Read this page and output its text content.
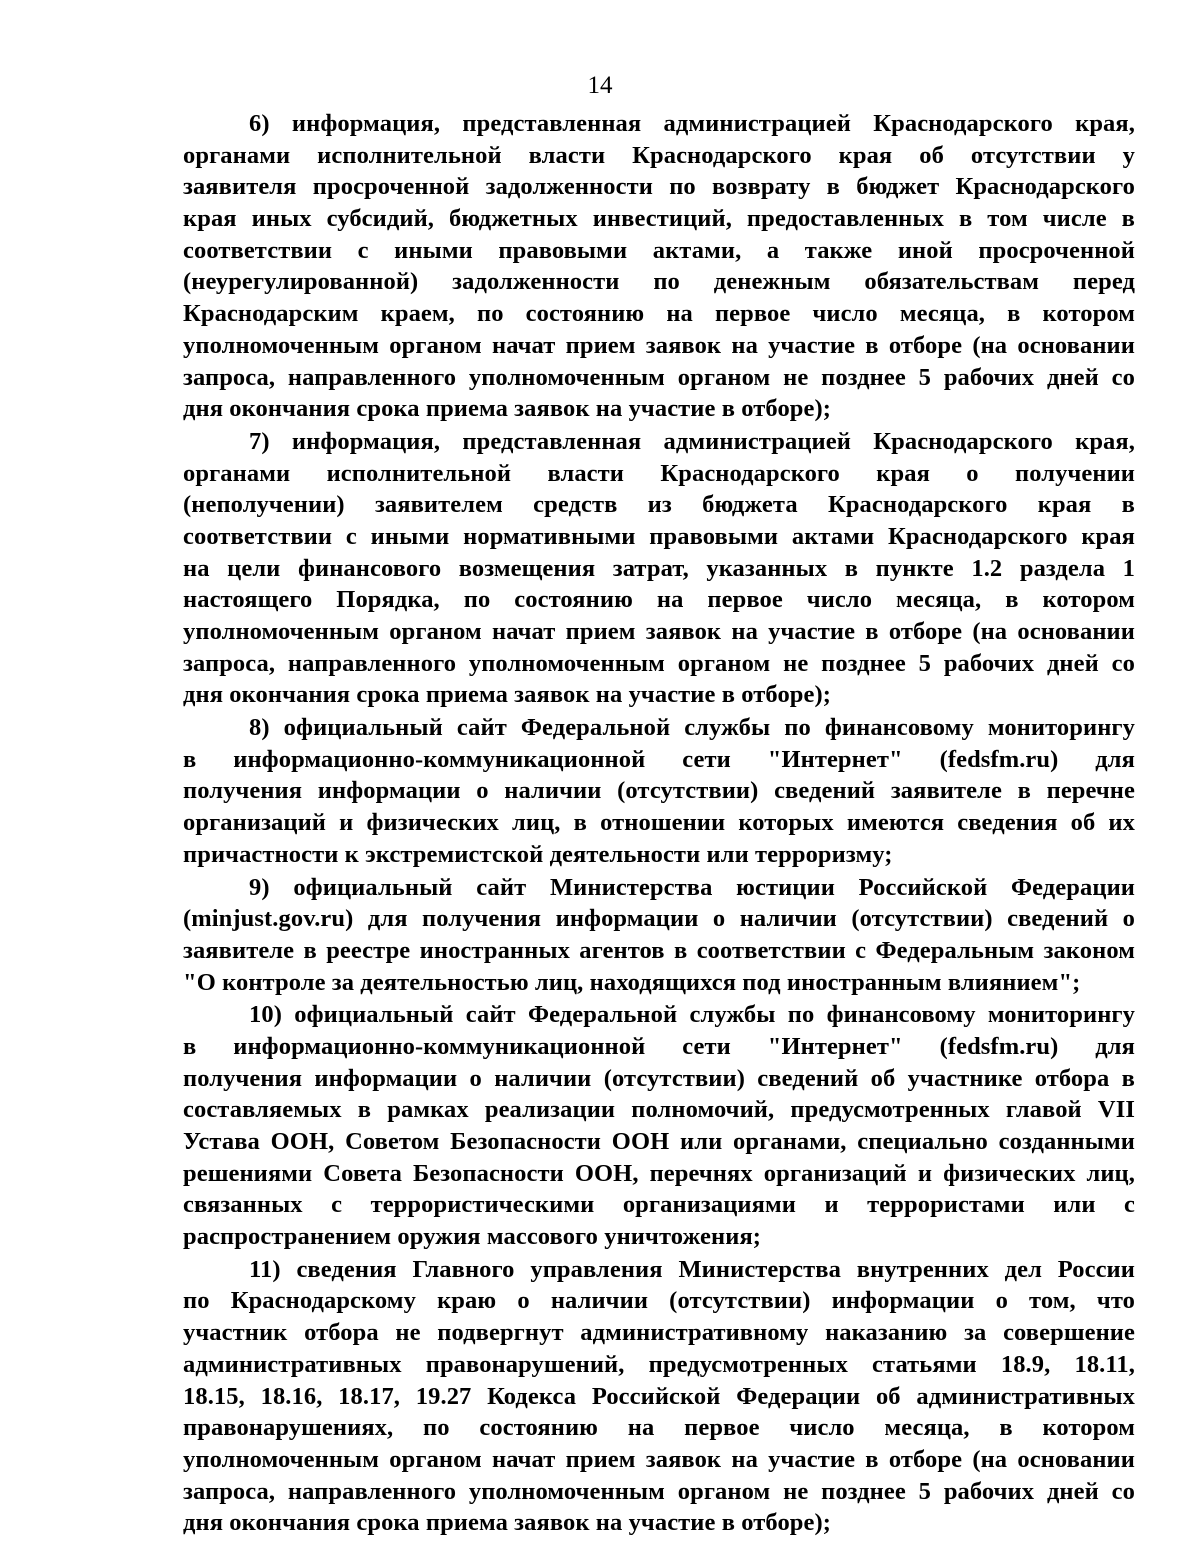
14
6) информация, представленная администрацией Краснодарского края,
органами исполнительной власти Краснодарского края об отсутствии у
заявителя просроченной задолженности по возврату в бюджет Краснодарского
края иных субсидий, бюджетных инвестиций, предоставленных в том числе в
соответствии с иными правовыми актами, а также иной просроченной
(неурегулированной) задолженности по денежным обязательствам перед
Краснодарским краем, по состоянию на первое число месяца, в котором
уполномоченным органом начат прием заявок на участие в отборе (на основании
запроса, направленного уполномоченным органом не позднее 5 рабочих дней со
дня окончания срока приема заявок на участие в отборе);
7) информация, представленная администрацией Краснодарского края,
органами исполнительной власти Краснодарского края о получении
(неполучении) заявителем средств из бюджета Краснодарского края в
соответствии с иными нормативными правовыми актами Краснодарского края
на цели финансового возмещения затрат, указанных в пункте 1.2 раздела 1
настоящего Порядка, по состоянию на первое число месяца, в котором
уполномоченным органом начат прием заявок на участие в отборе (на основании
запроса, направленного уполномоченным органом не позднее 5 рабочих дней со
дня окончания срока приема заявок на участие в отборе);
8) официальный сайт Федеральной службы по финансовому мониторингу
в информационно-коммуникационной сети "Интернет" (fedsfm.ru) для
получения информации о наличии (отсутствии) сведений заявителе в перечне
организаций и физических лиц, в отношении которых имеются сведения об их
причастности к экстремистской деятельности или терроризму;
9) официальный сайт Министерства юстиции Российской Федерации
(minjust.gov.ru) для получения информации о наличии (отсутствии) сведений о
заявителе в реестре иностранных агентов в соответствии с Федеральным законом
"О контроле за деятельностью лиц, находящихся под иностранным влиянием";
10) официальный сайт Федеральной службы по финансовому мониторингу
в информационно-коммуникационной сети "Интернет" (fedsfm.ru) для
получения информации о наличии (отсутствии) сведений об участнике отбора в
составляемых в рамках реализации полномочий, предусмотренных главой VII
Устава ООН, Советом Безопасности ООН или органами, специально созданными
решениями Совета Безопасности ООН, перечнях организаций и физических лиц,
связанных с террористическими организациями и террористами или с
распространением оружия массового уничтожения;
11) сведения Главного управления Министерства внутренних дел России
по Краснодарскому краю о наличии (отсутствии) информации о том, что
участник отбора не подвергнут административному наказанию за совершение
административных правонарушений, предусмотренных статьями 18.9, 18.11,
18.15, 18.16, 18.17, 19.27 Кодекса Российской Федерации об административных
правонарушениях, по состоянию на первое число месяца, в котором
уполномоченным органом начат прием заявок на участие в отборе (на основании
запроса, направленного уполномоченным органом не позднее 5 рабочих дней со
дня окончания срока приема заявок на участие в отборе);
